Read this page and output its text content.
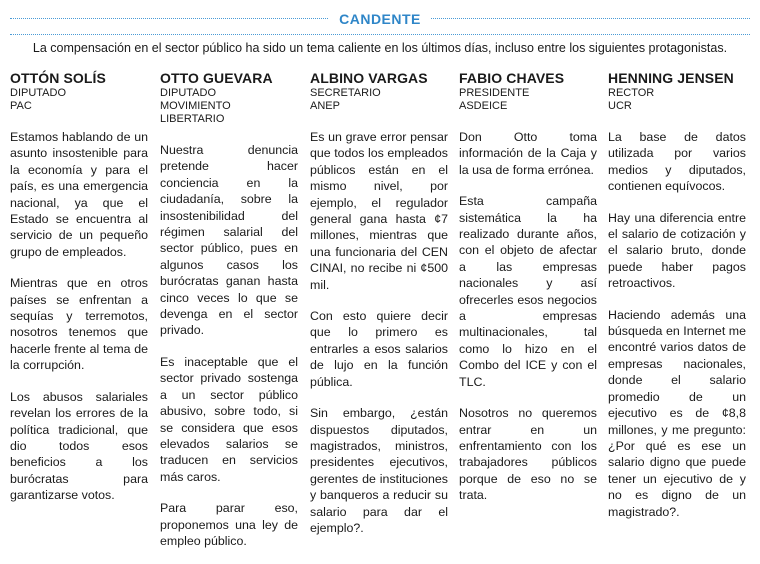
CANDENTE
La compensación en el sector público ha sido un tema caliente en los últimos días, incluso entre los siguientes protagonistas.

OTTÓN SOLÍS

DIPUTADO

PAC

Estamos hablando de un asunto insostenible para la economía y para el país, es una emergencia nacional, ya que el Estado se encuentra al servicio de un pequeño grupo de empleados.

Mientras que en otros países se enfrentan a sequías y terremotos, nosotros tenemos que hacerle frente al tema de la corrupción.

Los abusos salariales revelan los errores de la política tradicional, que dio todos esos beneficios a los burócratas para garantizarse votos.

OTTO GUEVARA

DIPUTADO

MOVIMIENTO LIBERTARIO

Nuestra denuncia pretende hacer conciencia en la ciudadanía, sobre la insostenibilidad del régimen salarial del sector público, pues en algunos casos los burócratas ganan hasta cinco veces lo que se devenga en el sector privado.

Es inaceptable que el sector privado sostenga a un sector público abusivo, sobre todo, si se considera que esos elevados salarios se traducen en servicios más caros.

Para parar eso, proponemos una ley de empleo público.

ALBINO VARGAS

SECRETARIO

ANEP

Es un grave error pensar que todos los empleados públicos están en el mismo nivel, por ejemplo, el regulador general gana hasta ¢7 millones, mientras que una funcionaria del CEN CINAI, no recibe ni ¢500 mil.

Con esto quiere decir que lo primero es entrarles a esos salarios de lujo en la función pública.

Sin embargo, ¿están dispuestos diputados, magistrados, ministros, presidentes ejecutivos, gerentes de instituciones y banqueros a reducir su salario para dar el ejemplo?.

FABIO CHAVES

PRESIDENTE

ASDEICE

Don Otto toma información de la Caja y la usa de forma errónea.

Esta campaña sistemática la ha realizado durante años, con el objeto de afectar a las empresas nacionales y así ofrecerles esos negocios a empresas multinacionales, tal como lo hizo en el Combo del ICE y con el TLC.

Nosotros no queremos entrar en un enfrentamiento con los trabajadores públicos porque de eso no se trata.

HENNING JENSEN

RECTOR

UCR

La base de datos utilizada por varios medios y diputados, contienen equívocos.

Hay una diferencia entre el salario de cotización y el salario bruto, donde puede haber pagos retroactivos.

Haciendo además una búsqueda en Internet me encontré varios datos de empresas nacionales, donde el salario promedio de un ejecutivo es de ¢8,8 millones, y me pregunto: ¿Por qué es ese un salario digno que puede tener un ejecutivo de y no es digno de un magistrado?.
